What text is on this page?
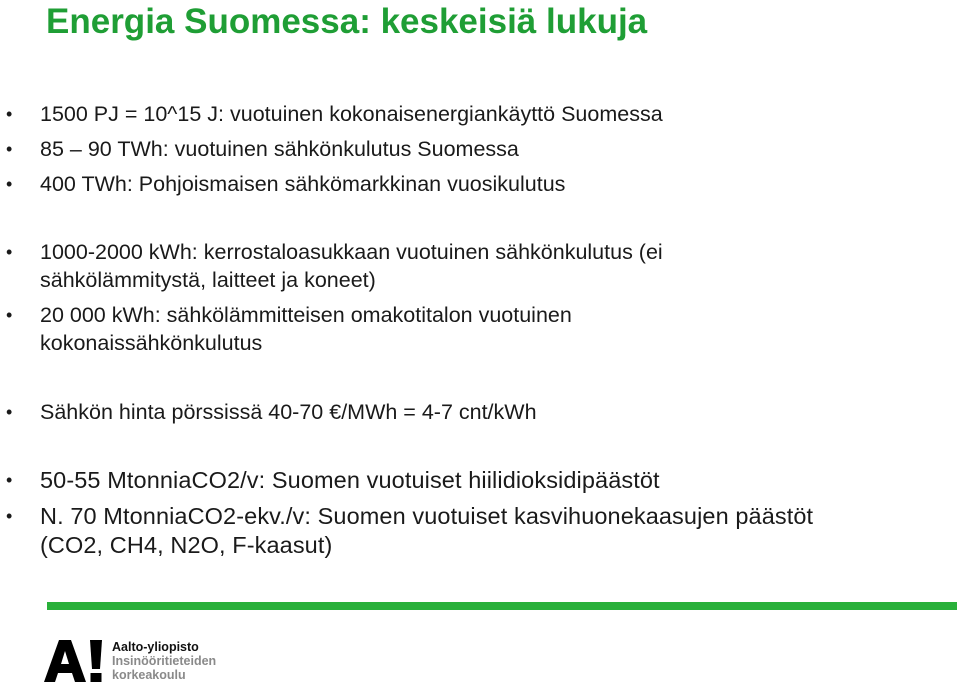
Energia Suomessa: keskeisiä lukuja
• 1500 PJ = 10^15 J: vuotuinen kokonaisenergiankäyttö Suomessa
• 85 – 90 TWh: vuotuinen sähkönkulutus Suomessa
• 400 TWh: Pohjoismaisen sähkömarkkinan vuosikulutus
• 1000-2000 kWh: kerrostaloasukkaan vuotuinen sähkönkulutus (ei
sähkölämmitystä, laitteet ja koneet)
• 20 000 kWh: sähkölämmitteisen omakotitalon vuotuinen
kokonaissähkönkulutus
• Sähkön hinta pörssissä 40-70 €/MWh = 4-7 cnt/kWh
• 50-55 MtonniaCO2/v: Suomen vuotuiset hiilidioksidipäästöt
• N. 70 MtonniaCO2-ekv./v: Suomen vuotuiset kasvihuonekaasujen päästöt
(CO2, CH4, N2O, F-kaasut)
Aalto-yliopisto
Insinööritieteiden
korkeakoulu
